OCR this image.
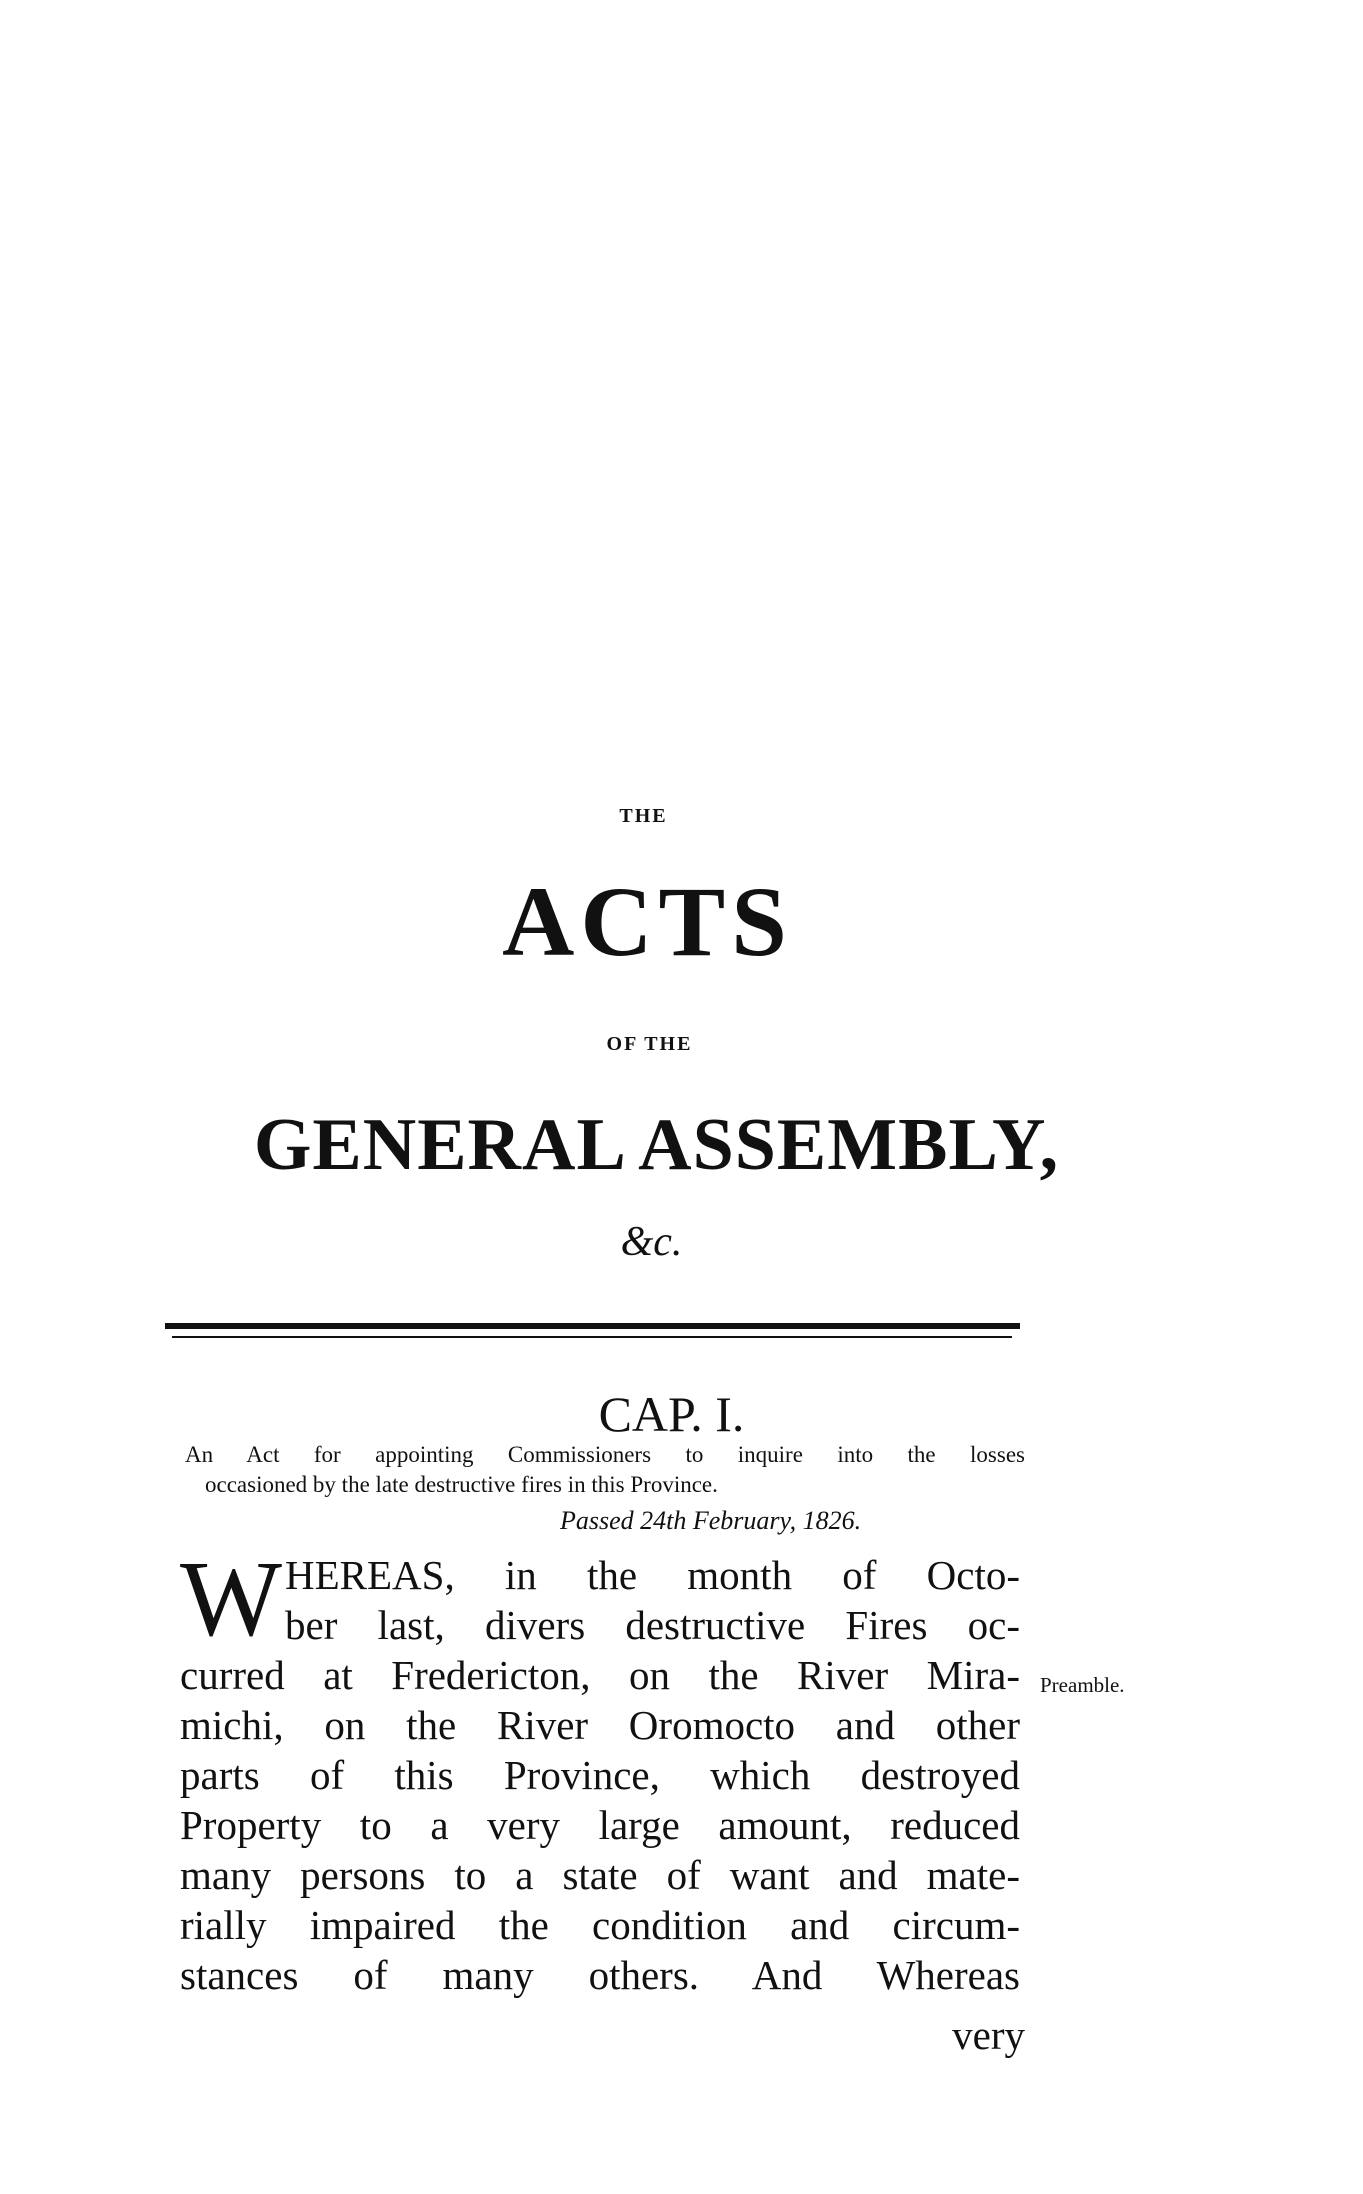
THE
ACTS
OF THE
GENERAL ASSEMBLY,
&c.
CAP. I.
An Act for appointing Commissioners to inquire into the losses
occasioned by the late destructive fires in this Province.
Passed 24th February, 1826.
W HEREAS, in the month of Octo-
ber last, divers destructive Fires oc-
curred at Fredericton, on the River Mira-
michi, on the River Oromocto and other
parts of this Province, which destroyed
Property to a very large amount, reduced
many persons to a state of want and mate-
rially impaired the condition and circum-
stances of many others. And Whereas
very
Preamble.
